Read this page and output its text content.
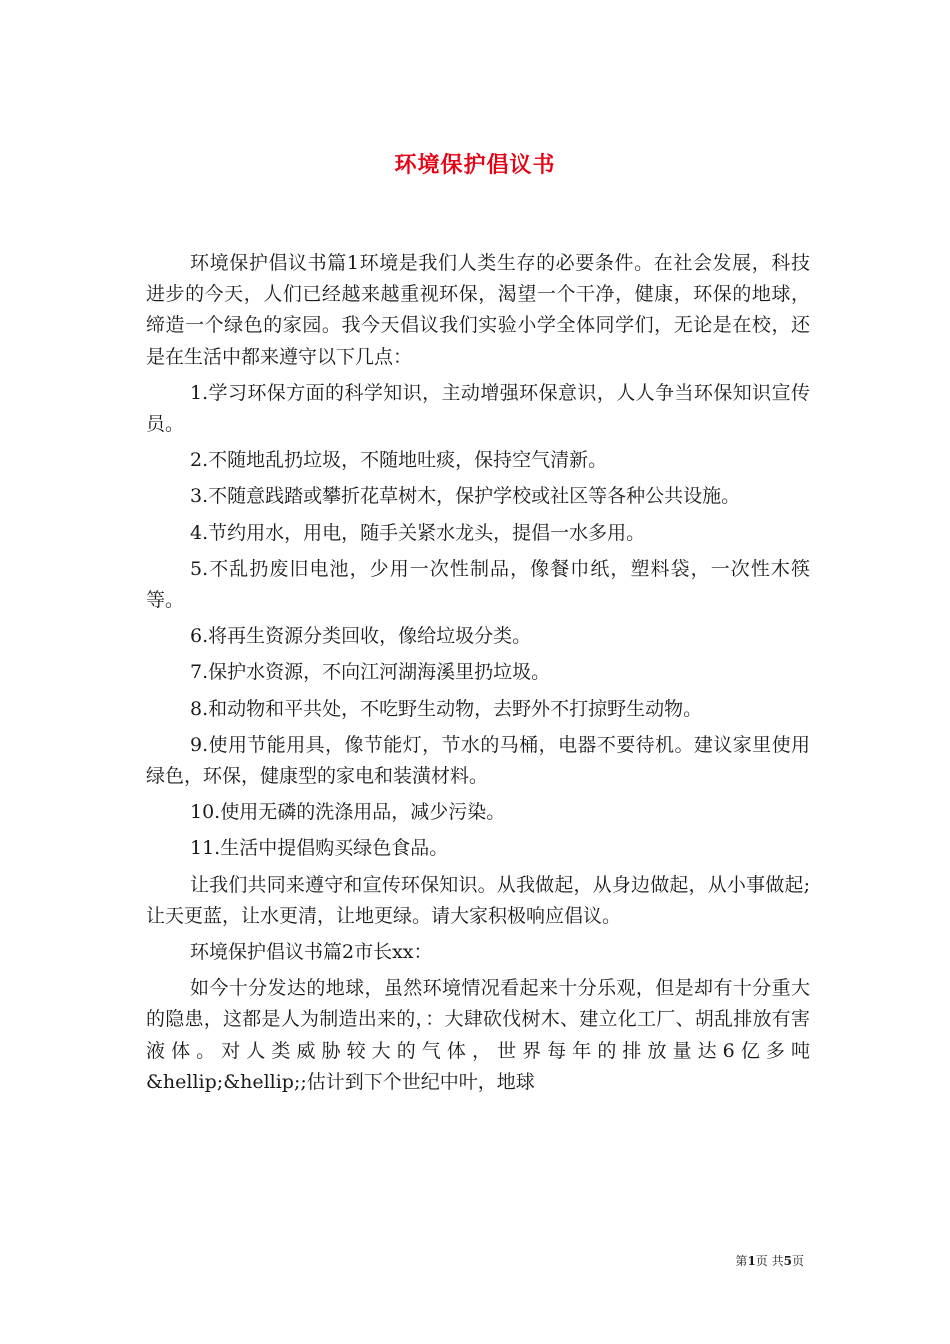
环境保护倡议书

环境保护倡议书篇1环境是我们人类生存的必要条件。在社会发展，科技进步的今天，人们已经越来越重视环保，渴望一个干净，健康，环保的地球，缔造一个绿色的家园。我今天倡议我们实验小学全体同学们，无论是在校，还是在生活中都来遵守以下几点：

1.学习环保方面的科学知识，主动增强环保意识，人人争当环保知识宣传员。

2.不随地乱扔垃圾，不随地吐痰，保持空气清新。

3.不随意践踏或攀折花草树木，保护学校或社区等各种公共设施。

4.节约用水，用电，随手关紧水龙头，提倡一水多用。

5.不乱扔废旧电池，少用一次性制品，像餐巾纸，塑料袋，一次性木筷等。

6.将再生资源分类回收，像给垃圾分类。

7.保护水资源，不向江河湖海溪里扔垃圾。

8.和动物和平共处，不吃野生动物，去野外不打掠野生动物。

9.使用节能用具，像节能灯，节水的马桶，电器不要待机。建议家里使用绿色，环保，健康型的家电和装潢材料。

10.使用无磷的洗涤用品，减少污染。

11.生活中提倡购买绿色食品。

让我们共同来遵守和宣传环保知识。从我做起，从身边做起，从小事做起;让天更蓝，让水更清，让地更绿。请大家积极响应倡议。

环境保护倡议书篇2市长xx：

如今十分发达的地球，虽然环境情况看起来十分乐观，但是却有十分重大的隐患，这都是人为制造出来的，：大肆砍伐树木、建立化工厂、胡乱排放有害液体。对人类威胁较大的气体，世界每年的排放量达6亿多吨&hellip;&hellip;;估计到下个世纪中叶，地球

第1页 共5页
